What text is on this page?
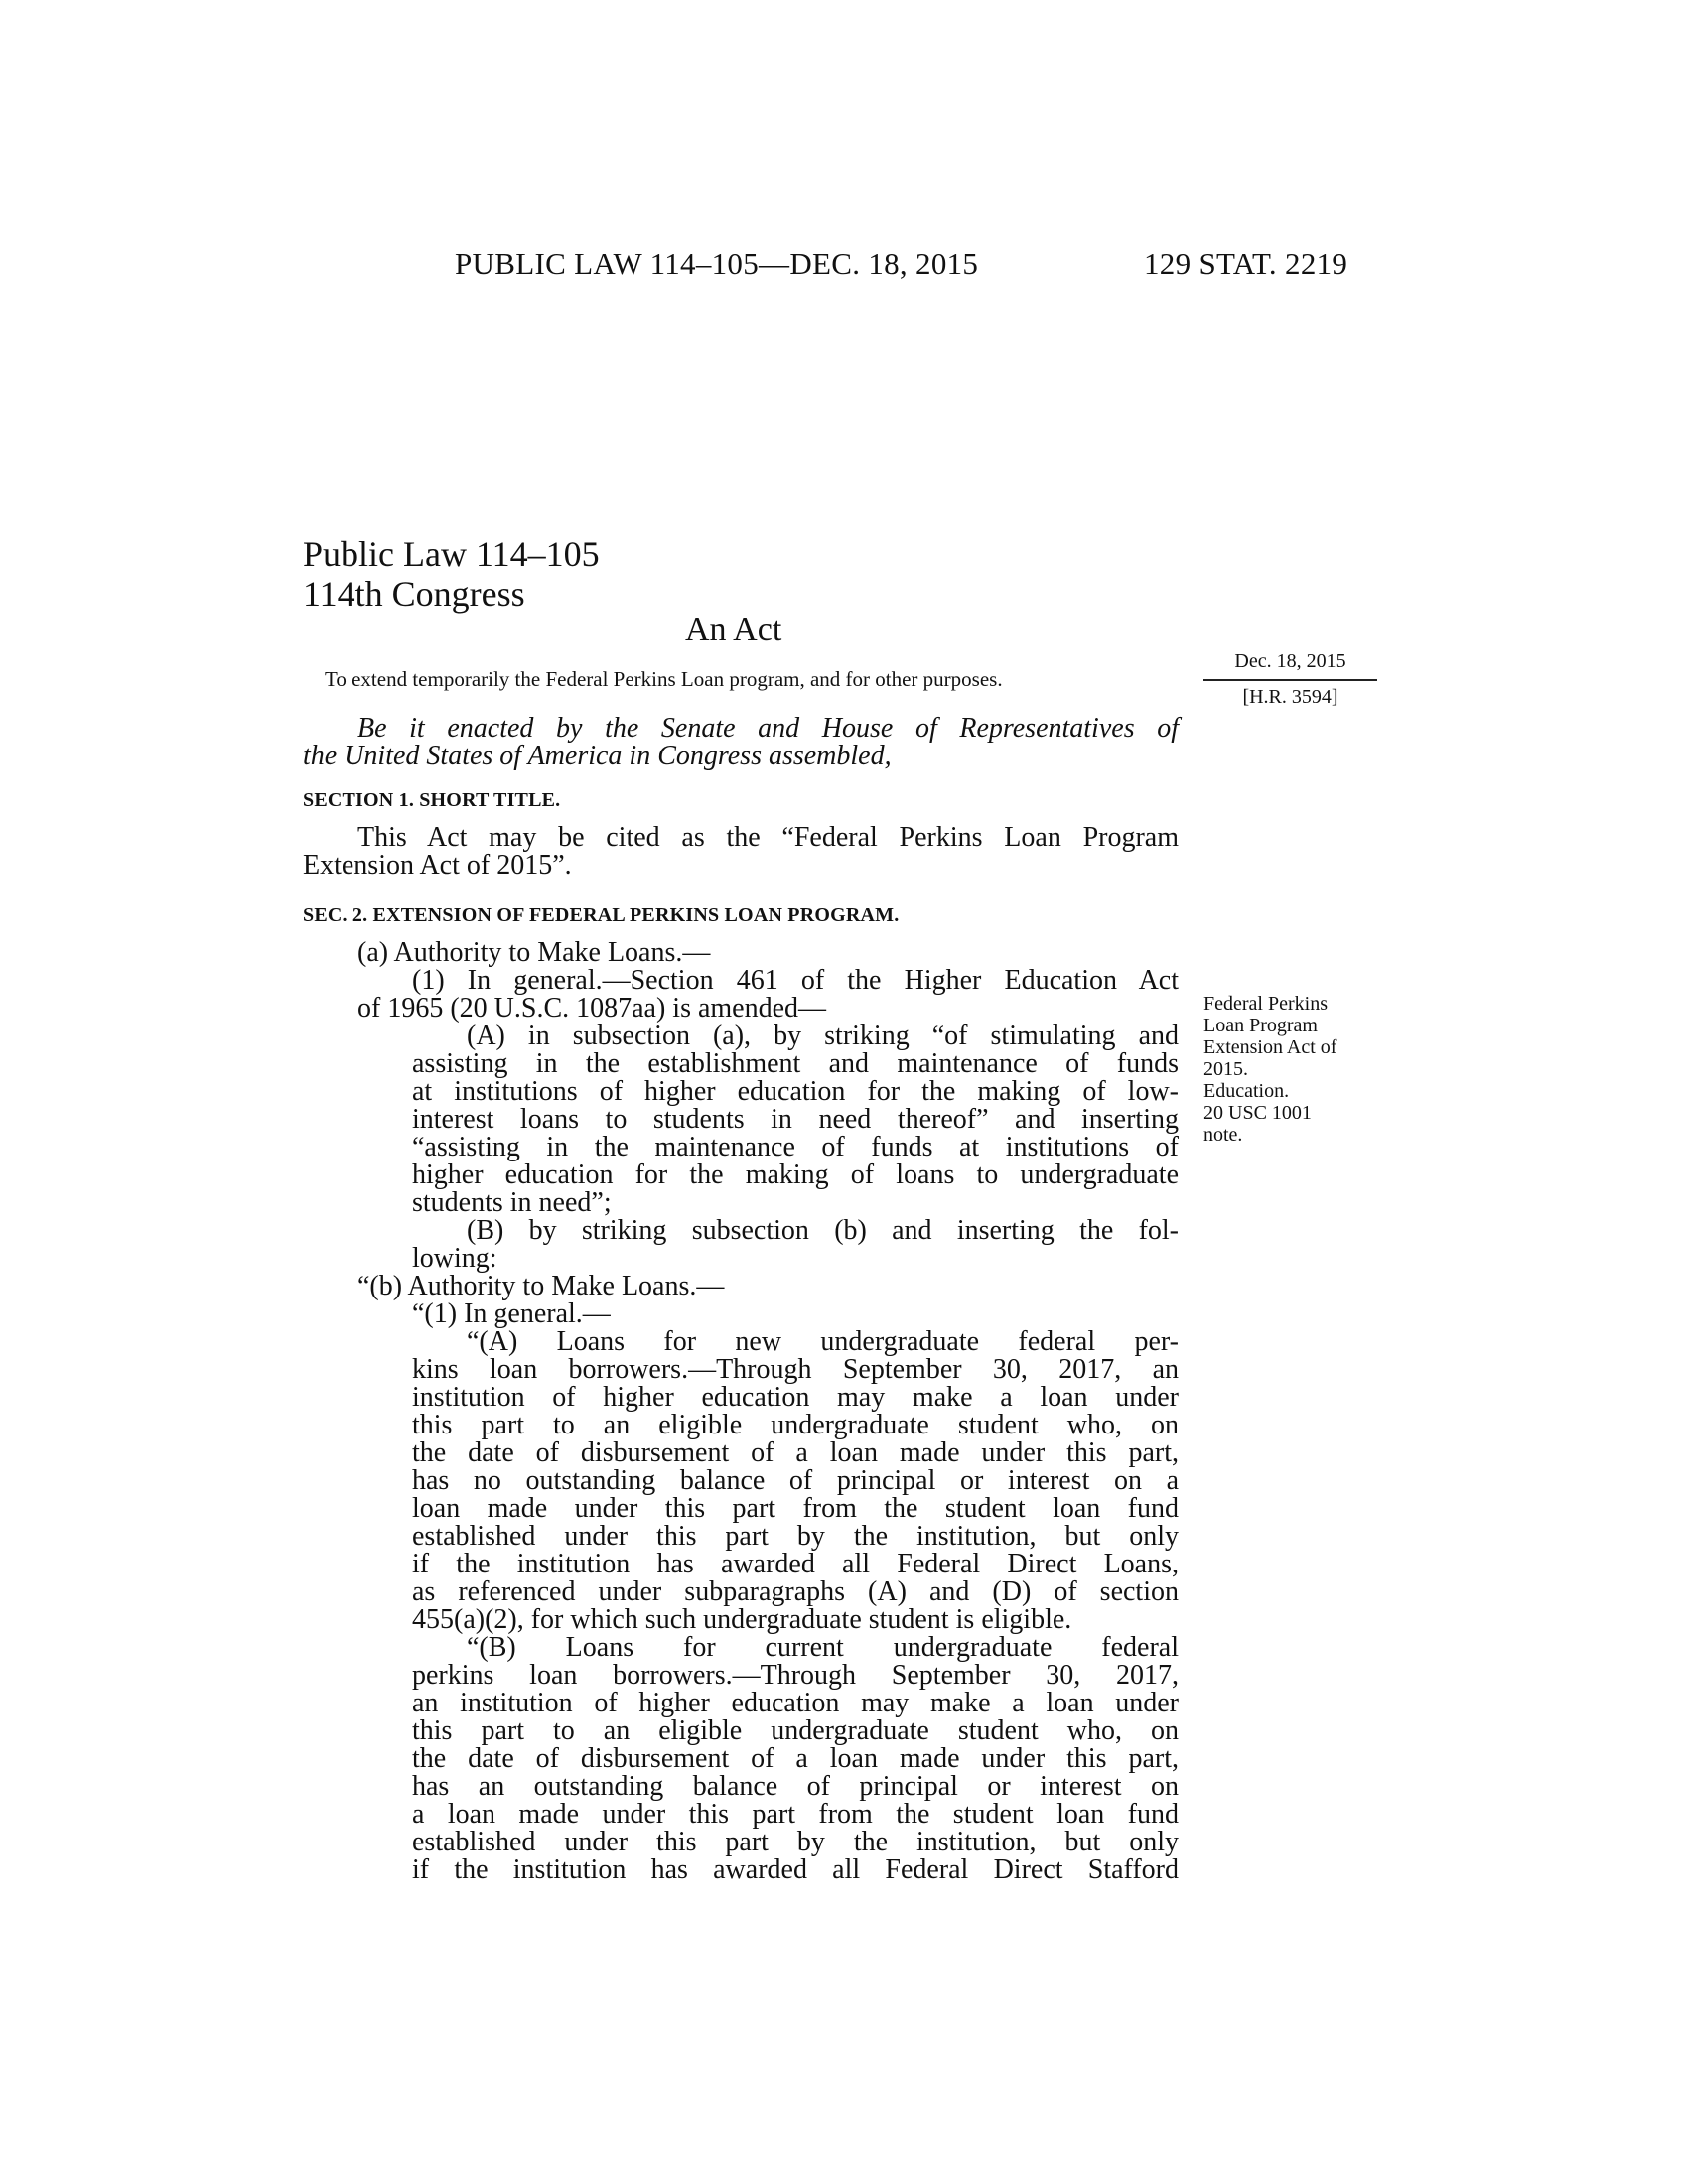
PUBLIC LAW 114–105—DEC. 18, 2015	129 STAT. 2219
Public Law 114–105
114th Congress
An Act
To extend temporarily the Federal Perkins Loan program, and for other purposes.
Dec. 18, 2015
[H.R. 3594]

Federal Perkins
Loan Program
Extension Act of
2015.
Education.
20 USC 1001
note.

Be it enacted by the Senate and House of Representatives of

the United States of America in Congress assembled,

SECTION 1. SHORT TITLE.

This Act may be cited as the “Federal Perkins Loan Program

Extension Act of 2015”.

SEC. 2. EXTENSION OF FEDERAL PERKINS LOAN PROGRAM.

(a) Authority to Make Loans.—

(1) In general.—Section 461 of the Higher Education Act

of 1965 (20 U.S.C. 1087aa) is amended—

(A) in subsection (a), by striking “of stimulating and

assisting in the establishment and maintenance of funds

at institutions of higher education for the making of low-

interest loans to students in need thereof” and inserting

“assisting in the maintenance of funds at institutions of

higher education for the making of loans to undergraduate

students in need”;

(B) by striking subsection (b) and inserting the fol-

lowing:

“(b) Authority to Make Loans.—

“(1) In general.—

“(A) Loans for new undergraduate federal per-

kins loan borrowers.—Through September 30, 2017, an

institution of higher education may make a loan under

this part to an eligible undergraduate student who, on

the date of disbursement of a loan made under this part,

has no outstanding balance of principal or interest on a

loan made under this part from the student loan fund

established under this part by the institution, but only

if the institution has awarded all Federal Direct Loans,

as referenced under subparagraphs (A) and (D) of section

455(a)(2), for which such undergraduate student is eligible.

“(B) Loans for current undergraduate federal

perkins loan borrowers.—Through September 30, 2017,

an institution of higher education may make a loan under

this part to an eligible undergraduate student who, on

the date of disbursement of a loan made under this part,

has an outstanding balance of principal or interest on

a loan made under this part from the student loan fund

established under this part by the institution, but only

if the institution has awarded all Federal Direct Stafford
